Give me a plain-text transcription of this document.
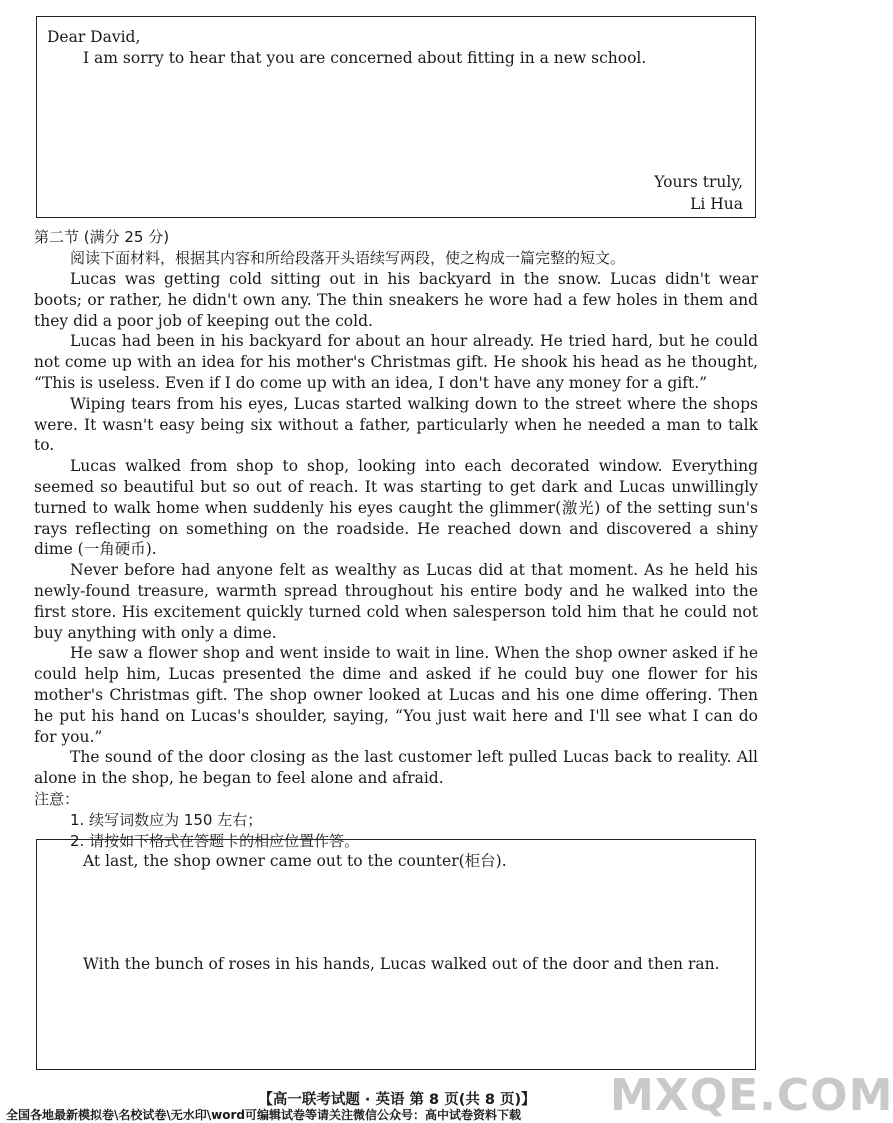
Dear David,
I am sorry to hear that you are concerned about fitting in a new school.
Yours truly,
Li Hua

第二节 (满分 25 分)

阅读下面材料，根据其内容和所给段落开头语续写两段，使之构成一篇完整的短文。

Lucas was getting cold sitting out in his backyard in the snow. Lucas didn't wear boots; or rather, he didn't own any. The thin sneakers he wore had a few holes in them and they did a poor job of keeping out the cold.

Lucas had been in his backyard for about an hour already. He tried hard, but he could not come up with an idea for his mother's Christmas gift. He shook his head as he thought, “This is useless. Even if I do come up with an idea, I don't have any money for a gift.”

Wiping tears from his eyes, Lucas started walking down to the street where the shops were. It wasn't easy being six without a father, particularly when he needed a man to talk to.

Lucas walked from shop to shop, looking into each decorated window. Everything seemed so beautiful but so out of reach. It was starting to get dark and Lucas unwillingly turned to walk home when suddenly his eyes caught the glimmer(激光) of the setting sun's rays reflecting on something on the roadside. He reached down and discovered a shiny dime (一角硬币).

Never before had anyone felt as wealthy as Lucas did at that moment. As he held his newly-found treasure, warmth spread throughout his entire body and he walked into the first store. His excitement quickly turned cold when salesperson told him that he could not buy anything with only a dime.

He saw a flower shop and went inside to wait in line. When the shop owner asked if he could help him, Lucas presented the dime and asked if he could buy one flower for his mother's Christmas gift. The shop owner looked at Lucas and his one dime offering. Then he put his hand on Lucas's shoulder, saying, “You just wait here and I'll see what I can do for you.”

The sound of the door closing as the last customer left pulled Lucas back to reality. All alone in the shop, he began to feel alone and afraid.

注意：

1. 续写词数应为 150 左右；

2. 请按如下格式在答题卡的相应位置作答。

At last, the shop owner came out to the counter(柜台).
With the bunch of roses in his hands, Lucas walked out of the door and then ran.
【高一联考试题 · 英语 第 8 页(共 8 页)】
全国各地最新模拟卷\名校试卷\无水印\word可编辑试卷等请关注微信公众号：高中试卷资料下载 MXQE.COM
